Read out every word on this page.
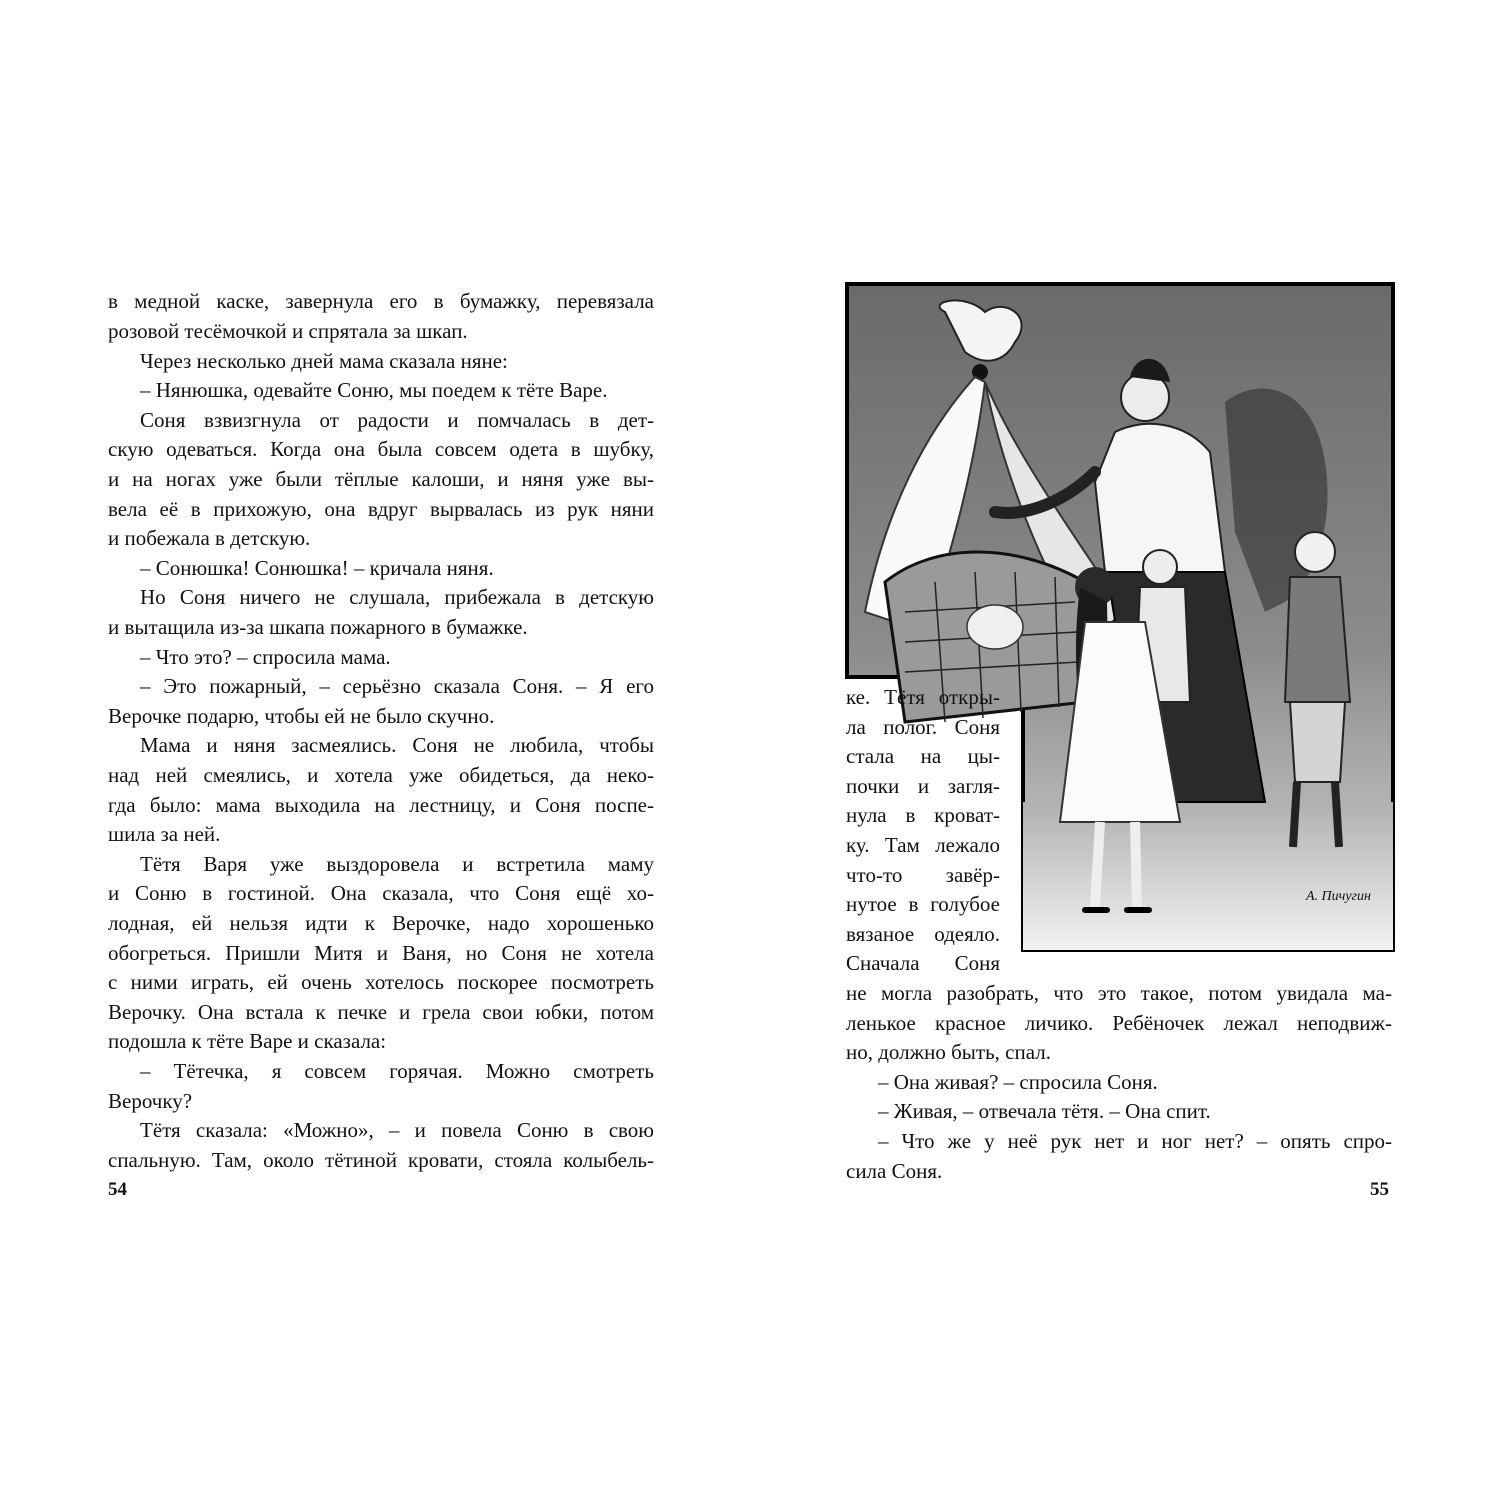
в медной каске, завернула его в бумажку, перевязала
розовой тесёмочкой и спрятала за шкап.
Через несколько дней мама сказала няне:
– Нянюшка, одевайте Соню, мы поедем к тёте Варе.
Соня взвизгнула от радости и помчалась в дет-
скую одеваться. Когда она была совсем одета в шубку,
и на ногах уже были тёплые калоши, и няня уже вы-
вела её в прихожую, она вдруг вырвалась из рук няни
и побежала в детскую.
– Сонюшка! Сонюшка! – кричала няня.
Но Соня ничего не слушала, прибежала в детскую
и вытащила из-за шкапа пожарного в бумажке.
– Что это? – спросила мама.
– Это пожарный, – серьёзно сказала Соня. – Я его
Верочке подарю, чтобы ей не было скучно.
Мама и няня засмеялись. Соня не любила, чтобы
над ней смеялись, и хотела уже обидеться, да неко-
гда было: мама выходила на лестницу, и Соня поспе-
шила за ней.
Тётя Варя уже выздоровела и встретила маму
и Соню в гостиной. Она сказала, что Соня ещё хо-
лодная, ей нельзя идти к Верочке, надо хорошенько
обогреться. Пришли Митя и Ваня, но Соня не хотела
с ними играть, ей очень хотелось поскорее посмотреть
Верочку. Она встала к печке и грела свои юбки, потом
подошла к тёте Варе и сказала:
– Тётечка, я совсем горячая. Можно смотреть
Верочку?
Тётя сказала: «Можно», – и повела Соню в свою
спальную. Там, около тётиной кровати, стояла колыбель-
54
А. Пичугин
ке. Тётя откры-
ла полог. Соня
стала на цы-
почки и загля-
нула в кроват-
ку. Там лежало
что-то завёр-
нутое в голубое
вязаное одеяло.
Сначала Соня
не могла разобрать, что это такое, потом увидала ма-
ленькое красное личико. Ребёночек лежал неподвиж-
но, должно быть, спал.
– Она живая? – спросила Соня.
– Живая, – отвечала тётя. – Она спит.
– Что же у неё рук нет и ног нет? – опять спро-
сила Соня.
55
